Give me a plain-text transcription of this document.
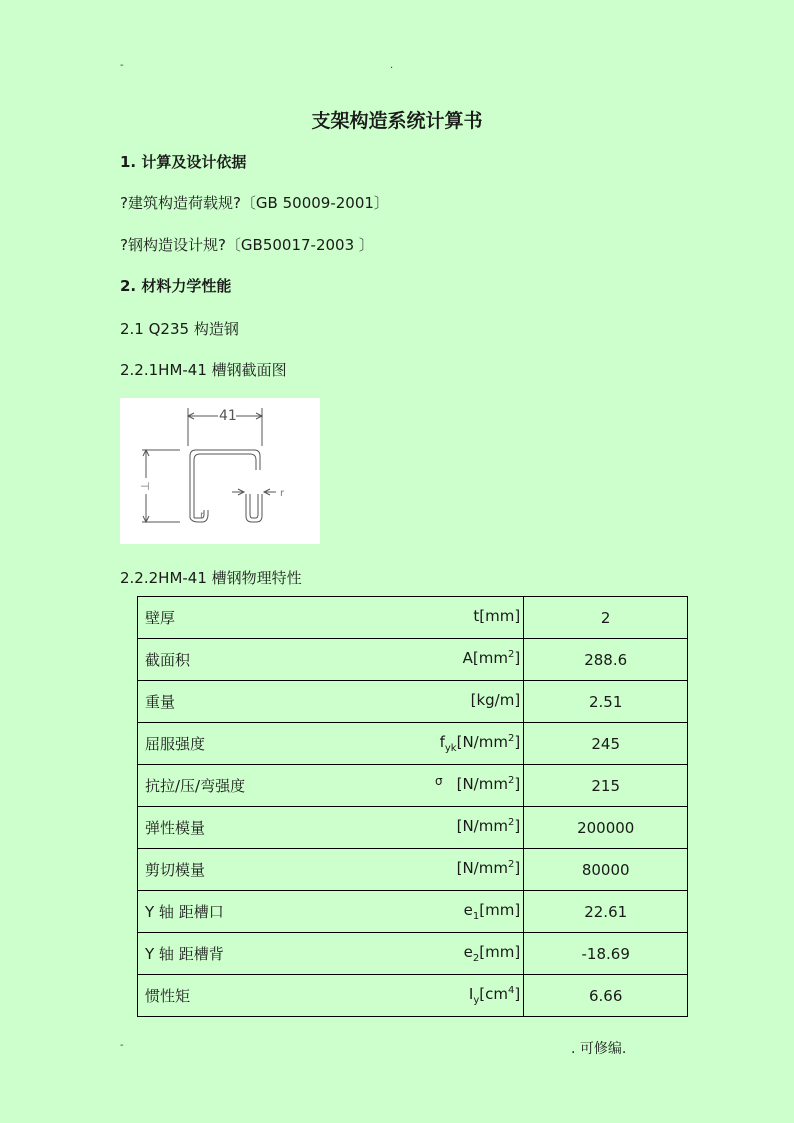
-	.
支架构造系统计算书
1. 计算及设计依据
?建筑构造荷载规?〔GB 50009-2001〕
?钢构造设计规?〔GB50017-2003 〕
2. 材料力学性能
2.1 Q235 构造钢
2.2.1HM-41 槽钢截面图
41
⊣
r
r
2.2.2HM-41 槽钢物理特性
壁厚	t[mm]	2
截面积	$A[mm^2]$	288.6
重量	[kg/m]	2.51
屈服强度	$f_{yk}[N/mm^2]$	245
抗拉/压/弯强度	$^\sigma$ $[N/mm^2]$	215
弹性模量	$[N/mm^2]$	200000
剪切模量	$[N/mm^2]$	80000
Y 轴 距槽口	$e_1[mm]$	22.61
Y 轴 距槽背	$e_2[mm]$	-18.69
惯性矩	$I_y[cm^4]$	6.66
-	. 可修编.
